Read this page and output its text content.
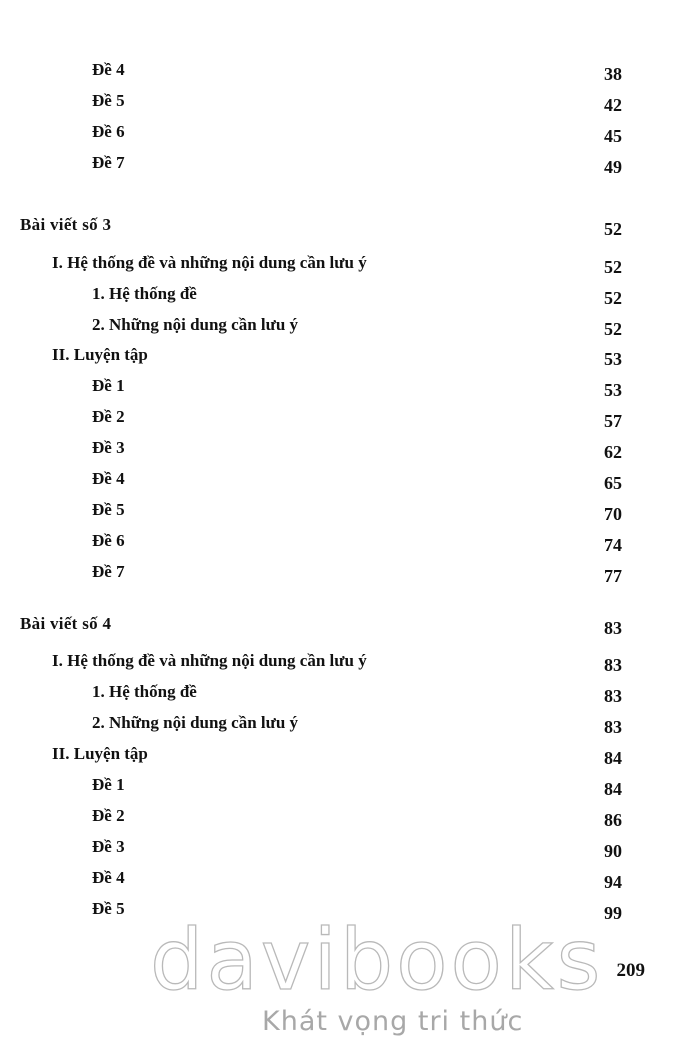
Đề 4	38
Đề 5	42
Đề 6	45
Đề 7	49
Bài viết số 3	52
I. Hệ thống đề và những nội dung cần lưu ý	52
1. Hệ thống đề	52
2. Những nội dung cần lưu ý	52
II. Luyện tập	53
Đề 1	53
Đề 2	57
Đề 3	62
Đề 4	65
Đề 5	70
Đề 6	74
Đề 7	77
Bài viết số 4	83
I. Hệ thống đề và những nội dung cần lưu ý	83
1. Hệ thống đề	83
2. Những nội dung cần lưu ý	83
II. Luyện tập	84
Đề 1	84
Đề 2	86
Đề 3	90
Đề 4	94
Đề 5	99
davibooks
Khát vọng tri thức
209
